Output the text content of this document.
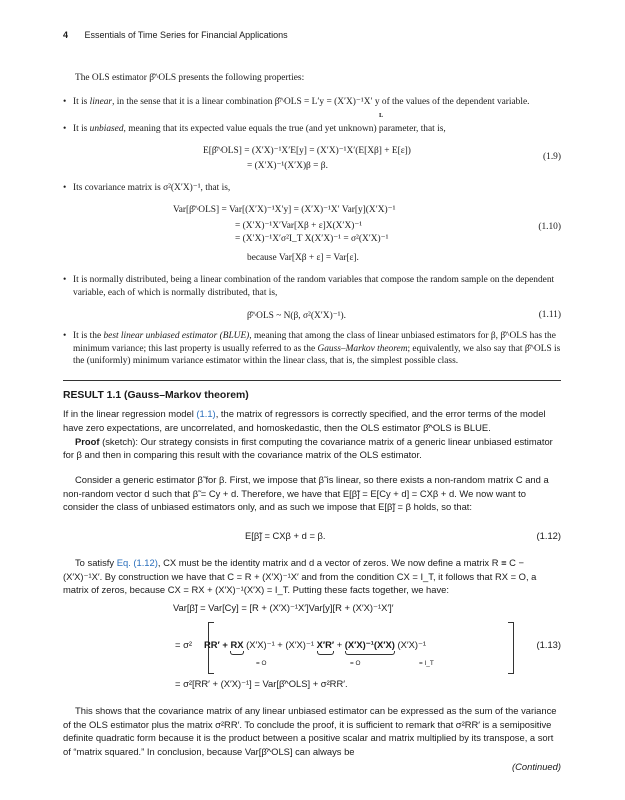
4 Essentials of Time Series for Financial Applications
The OLS estimator β̂^OLS presents the following properties:
• It is linear, in the sense that it is a linear combination β̂^OLS = L′y = (X′X)⁻¹X′ y of the values of the dependent variable.
L
• It is unbiased, meaning that its expected value equals the true (and yet unknown) parameter, that is,
E[β̂^OLS] = (X′X)⁻¹X′E[y] = (X′X)⁻¹X′(E[Xβ] + E[ε])
= (X′X)⁻¹(X′X)β = β.
(1.9)
• Its covariance matrix is σ²(X′X)⁻¹, that is,
Var[β̂^OLS] = Var[(X′X)⁻¹X′y] = (X′X)⁻¹X′ Var[y](X′X)⁻¹
= (X′X)⁻¹X′Var[Xβ + ε]X(X′X)⁻¹
= (X′X)⁻¹X′σ²I_T X(X′X)⁻¹ = σ²(X′X)⁻¹
because Var[Xβ + ε] = Var[ε].
(1.10)
• It is normally distributed, being a linear combination of the random variables that compose the random sample on the dependent variable, each of which is normally distributed, that is,
β̂^OLS ~ N(β, σ²(X′X)⁻¹).	(1.11)
• It is the best linear unbiased estimator (BLUE), meaning that among the class of linear unbiased estimators for β, β̂^OLS has the minimum variance; this last property is usually referred to as the Gauss–Markov theorem; equivalently, we also say that β̂^OLS is the (uniformly) minimum variance estimator within the linear class, that is, the simplest possible class.
RESULT 1.1 (Gauss–Markov theorem)
If in the linear regression model (1.1), the matrix of regressors is correctly specified, and the error terms of the model have zero expectations, are uncorrelated, and homoskedastic, then the OLS estimator β̂^OLS is BLUE.
Proof (sketch): Our strategy consists in first computing the covariance matrix of a generic linear unbiased estimator for β and then in comparing this result with the covariance matrix of the OLS estimator.
Consider a generic estimator β̃ for β. First, we impose that β̃ is linear, so there exists a non-random matrix C and a non-random vector d such that β̃ = Cy + d. Therefore, we have that E[β̃] = E[Cy + d] = CXβ + d. We now want to consider the class of unbiased estimators only, and as such we impose that E[β̃] = β holds, so that:
E[β̃] = CXβ + d = β.	(1.12)
To satisfy Eq. (1.12), CX must be the identity matrix and d a vector of zeros. We now define a matrix R ≡ C − (X′X)⁻¹X′. By construction we have that C = R + (X′X)⁻¹X′ and from the condition CX = I_T, it follows that RX = O, a matrix of zeros, because CX = RX + (X′X)⁻¹(X′X) = I_T. Putting these facts together, we have:
Var[β̃] = Var[Cy] = [R + (X′X)⁻¹X′]Var[y][R + (X′X)⁻¹X′]′
= σ² RR′ + RX (X′X)⁻¹ + (X′X)⁻¹ X′R′ + (X′X)⁻¹(X′X) (X′X)⁻¹
= O	= O	= I_T
(1.13)
= σ²[RR′ + (X′X)⁻¹] = Var[β̂^OLS] + σ²RR′.
This shows that the covariance matrix of any linear unbiased estimator can be expressed as the sum of the variance of the OLS estimator plus the matrix σ²RR′. To conclude the proof, it is sufficient to remark that σ²RR′ is a semipositive definite quadratic form because it is the product between a positive scalar and matrix multiplied by its transpose, a sort of “matrix squared.” In conclusion, because Var[β̂^OLS] can always be
(Continued)
